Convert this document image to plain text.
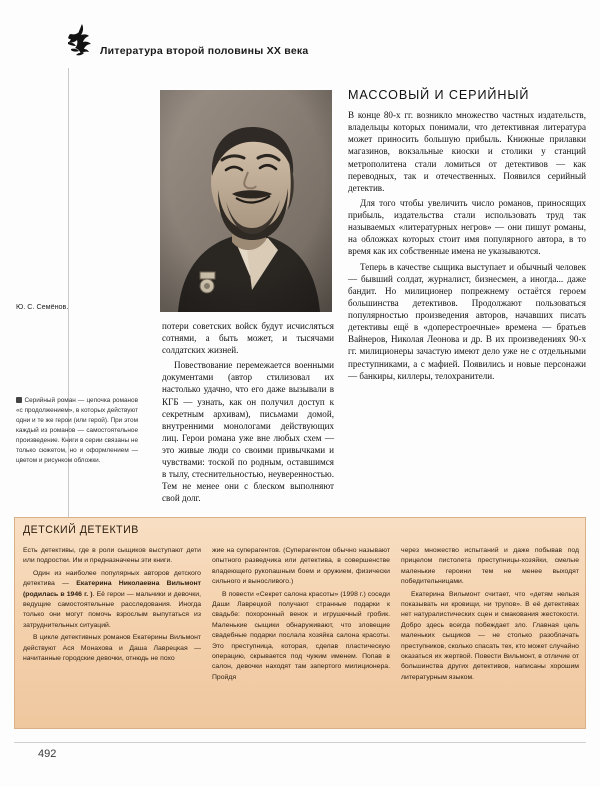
Литература второй половины XX века
Ю. С. Семёнов.
Серийный роман — цепочка романов «с продолжением», в которых действуют одни и те же герои (или герой). При этом каждый из романов — самостоятельное произведение. Книги в серии связаны не только сюжетом, но и оформлением — цветом и рисунком обложки.

потери советских войск будут исчисляться сотнями, а быть может, и тысячами солдатских жизней.

Повествование перемежается военными документами (автор стилизовал их настолько удачно, что его даже вызывали в КГБ — узнать, как он получил доступ к секретным архивам), письмами домой, внутренними монологами действующих лиц. Герои романа уже вне любых схем — это живые люди со своими привычками и чувствами: тоской по родным, оставшимся в тылу, стеснительностью, неуверенностью. Тем не менее они с блеском выполняют свой долг.

МАССОВЫЙ И СЕРИЙНЫЙ

В конце 80-х гг. возникло множество частных издательств, владельцы которых понимали, что детективная литература может приносить большую прибыль. Книжные прилавки магазинов, вокзальные киоски и столики у станций метрополитена стали ломиться от детективов — как переводных, так и отечественных. Появился серийный детектив.

Для того чтобы увеличить число романов, приносящих прибыль, издательства стали использовать труд так называемых «литературных негров» — они пишут романы, на обложках которых стоит имя популярного автора, в то время как их собственные имена не указываются.

Теперь в качестве сыщика выступает и обычный человек — бывший солдат, журналист, бизнесмен, а иногда... даже бандит. Но милиционер попрежнему остаётся героем большинства детективов. Продолжают пользоваться популярностью произведения авторов, начавших писать детективы ещё в «доперестроечные» времена — братьев Вайнеров, Николая Леонова и др. В их произведениях 90-х гг. милиционеры зачастую имеют дело уже не с отдельными преступниками, а с мафией. Появились и новые персонажи — банкиры, киллеры, телохранители.

ДЕТСКИЙ ДЕТЕКТИВ

Есть детективы, где в роли сыщиков выступают дети или подростки. Им и предназначены эти книги.

Один из наиболее популярных авторов детского детектива — Екатерина Николаевна Вильмонт (родилась в 1946 г. ). Её герои — мальчики и девочки, ведущие самостоятельные расследования. Иногда только они могут помочь взрослым выпутаться из затруднительных ситуаций.

В цикле детективных романов Екатерины Вильмонт действуют Ася Монахова и Даша Лаврецкая — начитанные городские девочки, отнюдь не похо

жие на суперагентов. (Суперагентом обычно называют опытного разведчика или детектива, в совершенстве владеющего рукопашным боем и оружием, физически сильного и выносливого.)

В повести «Секрет салона красоты» (1998 г.) соседи Даши Лаврецкой получают странные подарки к свадьбе: похоронный венок и игрушечный гробик. Маленькие сыщики обнаруживают, что зловещие свадебные подарки послала хозяйка салона красоты. Это преступница, которая, сделав пластическую операцию, скрывается под чужим именем. Попав в салон, девочки находят там запертого милиционера. Пройдя

через множество испытаний и даже побывав под прицелом пистолета преступницы-хозяйки, смелые маленькие героини тем не менее выходят победительницами.

Екатерина Вильмонт считает, что «детям нельзя показывать ни кровищи, ни трупов». В её детективах нет натуралистических сцен и смакования жестокости. Добро здесь всегда побеждает зло. Главная цель маленьких сыщиков — не столько разоблачать преступников, сколько спасать тех, кто может случайно оказаться их жертвой. Повести Вильмонт, в отличие от большинства других детективов, написаны хорошим литературным языком.

492
